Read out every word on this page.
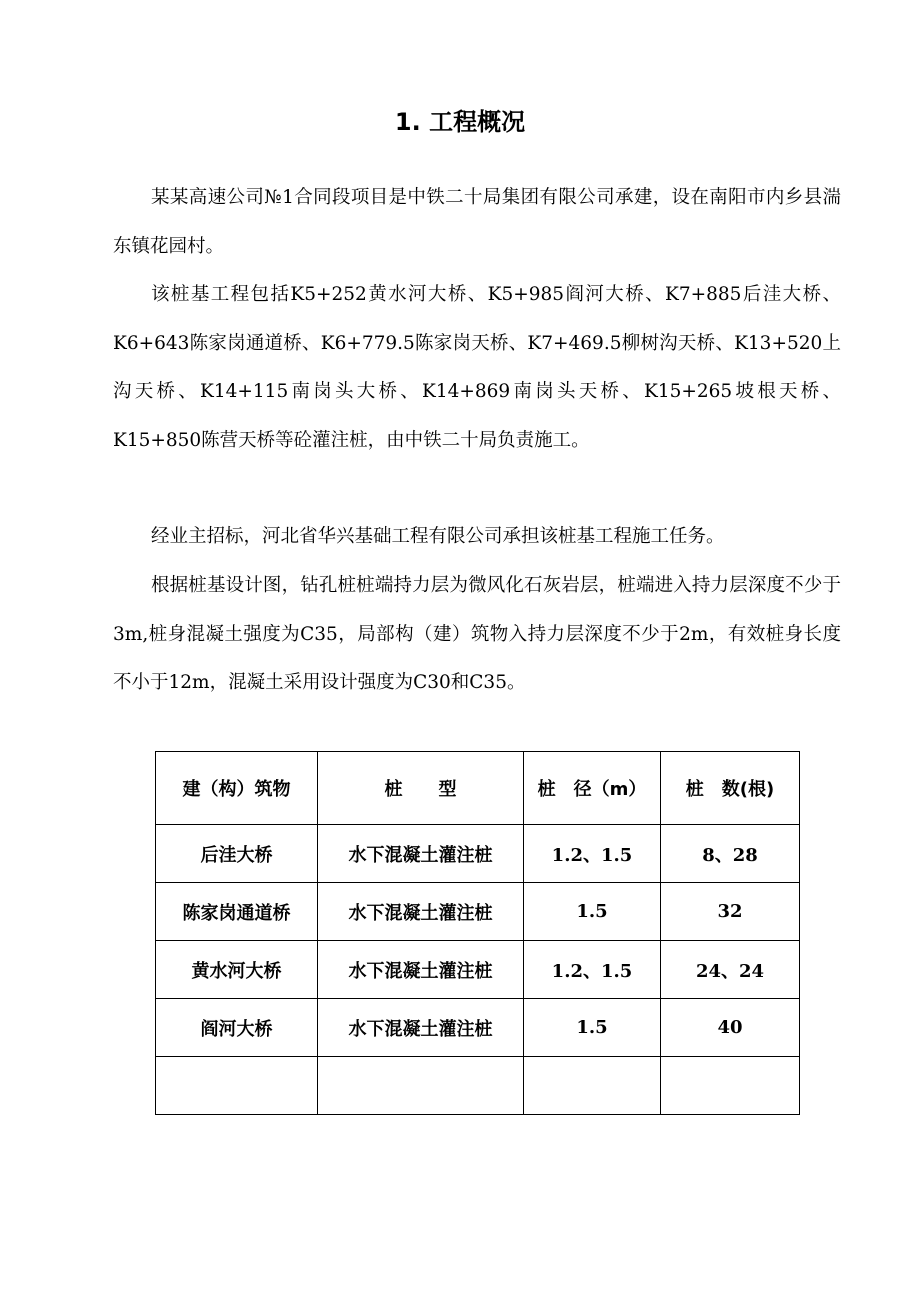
1. 工程概况

某某高速公司№1合同段项目是中铁二十局集团有限公司承建，设在南阳市内乡县湍东镇花园村。

该桩基工程包括K5+252黄水河大桥、K5+985阎河大桥、K7+885后洼大桥、K6+643陈家岗通道桥、K6+779.5陈家岗天桥、K7+469.5柳树沟天桥、K13+520上沟天桥、K14+115南岗头大桥、K14+869南岗头天桥、K15+265坡根天桥、K15+850陈营天桥等砼灌注桩，由中铁二十局负责施工。

经业主招标，河北省华兴基础工程有限公司承担该桩基工程施工任务。

根据桩基设计图，钻孔桩桩端持力层为微风化石灰岩层，桩端进入持力层深度不少于3m,桩身混凝土强度为C35，局部构（建）筑物入持力层深度不少于2m，有效桩身长度不小于12m，混凝土采用设计强度为C30和C35。

建（构）筑物	桩　　型	桩　径（m）	桩　数(根)
后洼大桥	水下混凝土灌注桩	1.2、1.5	8、28
陈家岗通道桥	水下混凝土灌注桩	1.5	32
黄水河大桥	水下混凝土灌注桩	1.2、1.5	24、24
阎河大桥	水下混凝土灌注桩	1.5	40
